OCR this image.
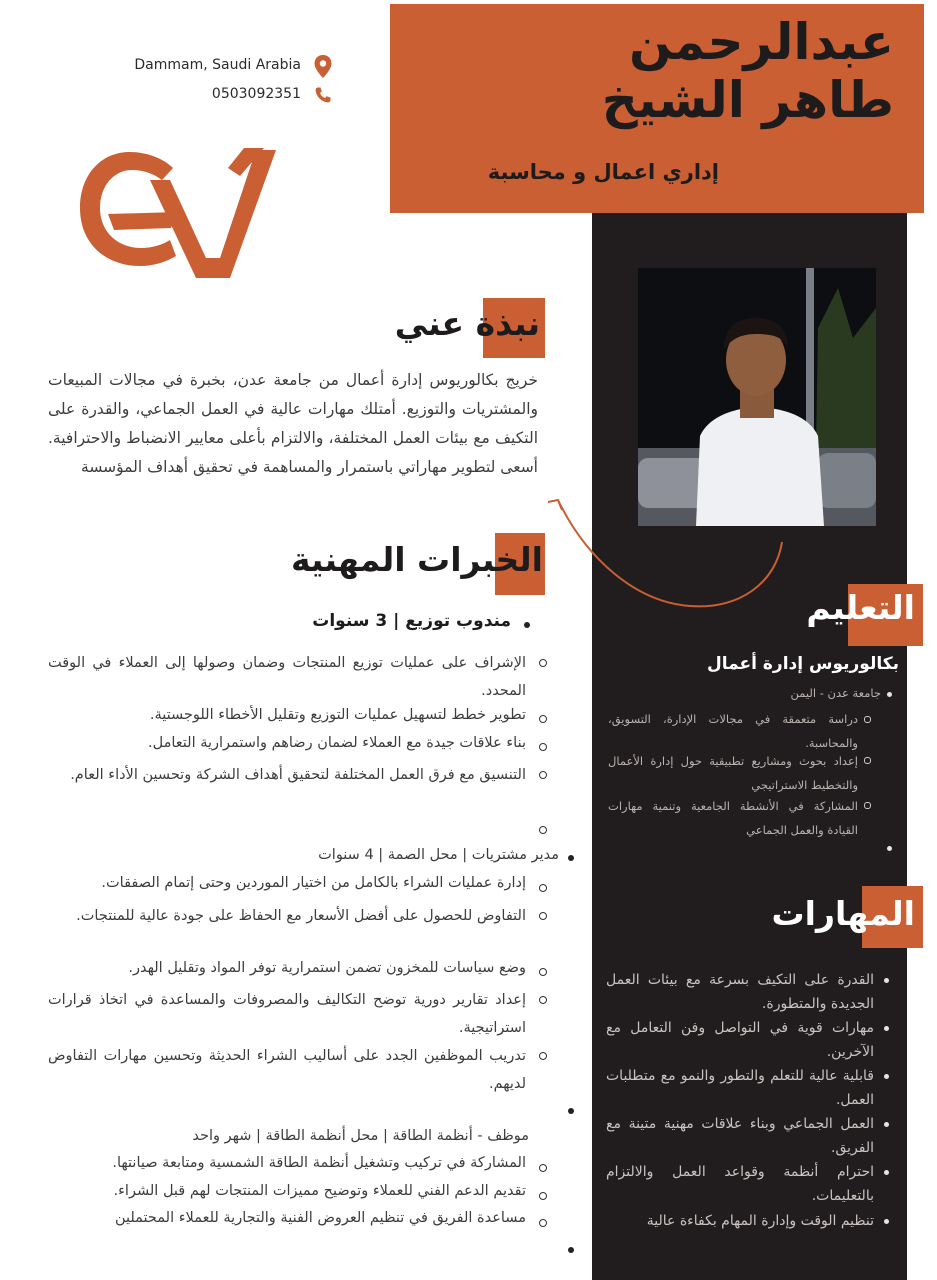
عبدالرحمن
طاهر الشيخ
إداري اعمال و محاسبة
Dammam, Saudi Arabia
0503092351
نبذة عني
خريج بكالوريوس إدارة أعمال من جامعة عدن، بخبرة في مجالات المبيعات والمشتريات والتوزيع. أمتلك مهارات عالية في العمل الجماعي، والقدرة على التكيف مع بيئات العمل المختلفة، والالتزام بأعلى معايير الانضباط والاحترافية. أسعى لتطوير مهاراتي باستمرار والمساهمة في تحقيق أهداف المؤسسة
الخبرات المهنية
مندوب توزيع | 3 سنوات
الإشراف على عمليات توزيع المنتجات وضمان وصولها إلى العملاء في الوقت المحدد.
تطوير خطط لتسهيل عمليات التوزيع وتقليل الأخطاء اللوجستية.
بناء علاقات جيدة مع العملاء لضمان رضاهم واستمرارية التعامل.
التنسيق مع فرق العمل المختلفة لتحقيق أهداف الشركة وتحسين الأداء العام.
مدير مشتريات | محل الصمة | 4 سنوات
إدارة عمليات الشراء بالكامل من اختيار الموردين وحتى إتمام الصفقات.
التفاوض للحصول على أفضل الأسعار مع الحفاظ على جودة عالية للمنتجات.
وضع سياسات للمخزون تضمن استمرارية توفر المواد وتقليل الهدر.
إعداد تقارير دورية توضح التكاليف والمصروفات والمساعدة في اتخاذ قرارات استراتيجية.
تدريب الموظفين الجدد على أساليب الشراء الحديثة وتحسين مهارات التفاوض لديهم.
موظف - أنظمة الطاقة | محل أنظمة الطاقة | شهر واحد
المشاركة في تركيب وتشغيل أنظمة الطاقة الشمسية ومتابعة صيانتها.
تقديم الدعم الفني للعملاء وتوضيح مميزات المنتجات لهم قبل الشراء.
مساعدة الفريق في تنظيم العروض الفنية والتجارية للعملاء المحتملين
التعليم
بكالوريوس إدارة أعمال
جامعة عدن - اليمن
دراسة متعمقة في مجالات الإدارة، التسويق، والمحاسبة.
إعداد بحوث ومشاريع تطبيقية حول إدارة الأعمال والتخطيط الاستراتيجي
المشاركة في الأنشطة الجامعية وتنمية مهارات القيادة والعمل الجماعي
المهارات
القدرة على التكيف بسرعة مع بيئات العمل الجديدة والمتطورة.
مهارات قوية في التواصل وفن التعامل مع الآخرين.
قابلية عالية للتعلم والتطور والنمو مع متطلبات العمل.
العمل الجماعي وبناء علاقات مهنية متينة مع الفريق.
احترام أنظمة وقواعد العمل والالتزام بالتعليمات.
تنظيم الوقت وإدارة المهام بكفاءة عالية
